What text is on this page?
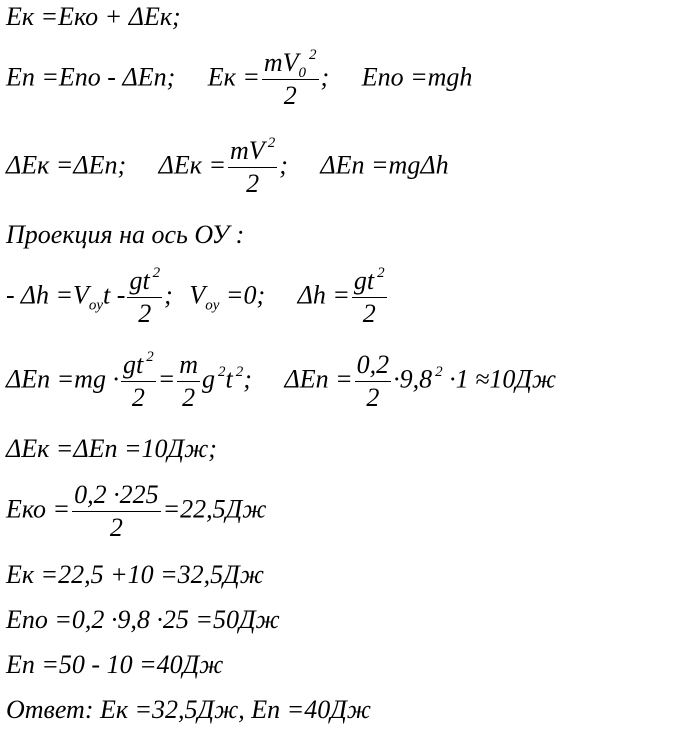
Eк =Eко + ΔEк;
Eп =Eпо - ΔEп; Eк = $\frac{mV_0^2}{2}$ ; Eпо =mgh
ΔEк =ΔEп; $\Delta Eк = \frac{mV ^2}{2}$ ; ΔEп =mgΔh
Проекция на ось ОУ :
- $\Delta h =V_{oy}t - \frac{gt ^2}{2}$ ; $V_{oy} =0$; $\Delta h = \frac{gt ^2}{2}$
$\Delta Eп =mg \cdot \frac{gt ^2}{2} = \frac{m}{2}$ g $^2$t $^2$; $\Delta Eп = \frac{0,2}{2} \cdot 9,8$ $^2$ ·1 ≈10Дж
ΔEк =ΔEп =10Дж;
Eко = $\frac{0,2 \cdot 225}{2} =22,5Дж$
Eк =22,5 +10 =32,5Дж
Eпо =0,2 ·9,8 ·25 =50Дж
Eп =50 - 10 =40Дж
Ответ: Eк =32,5Дж, Eп =40Дж
